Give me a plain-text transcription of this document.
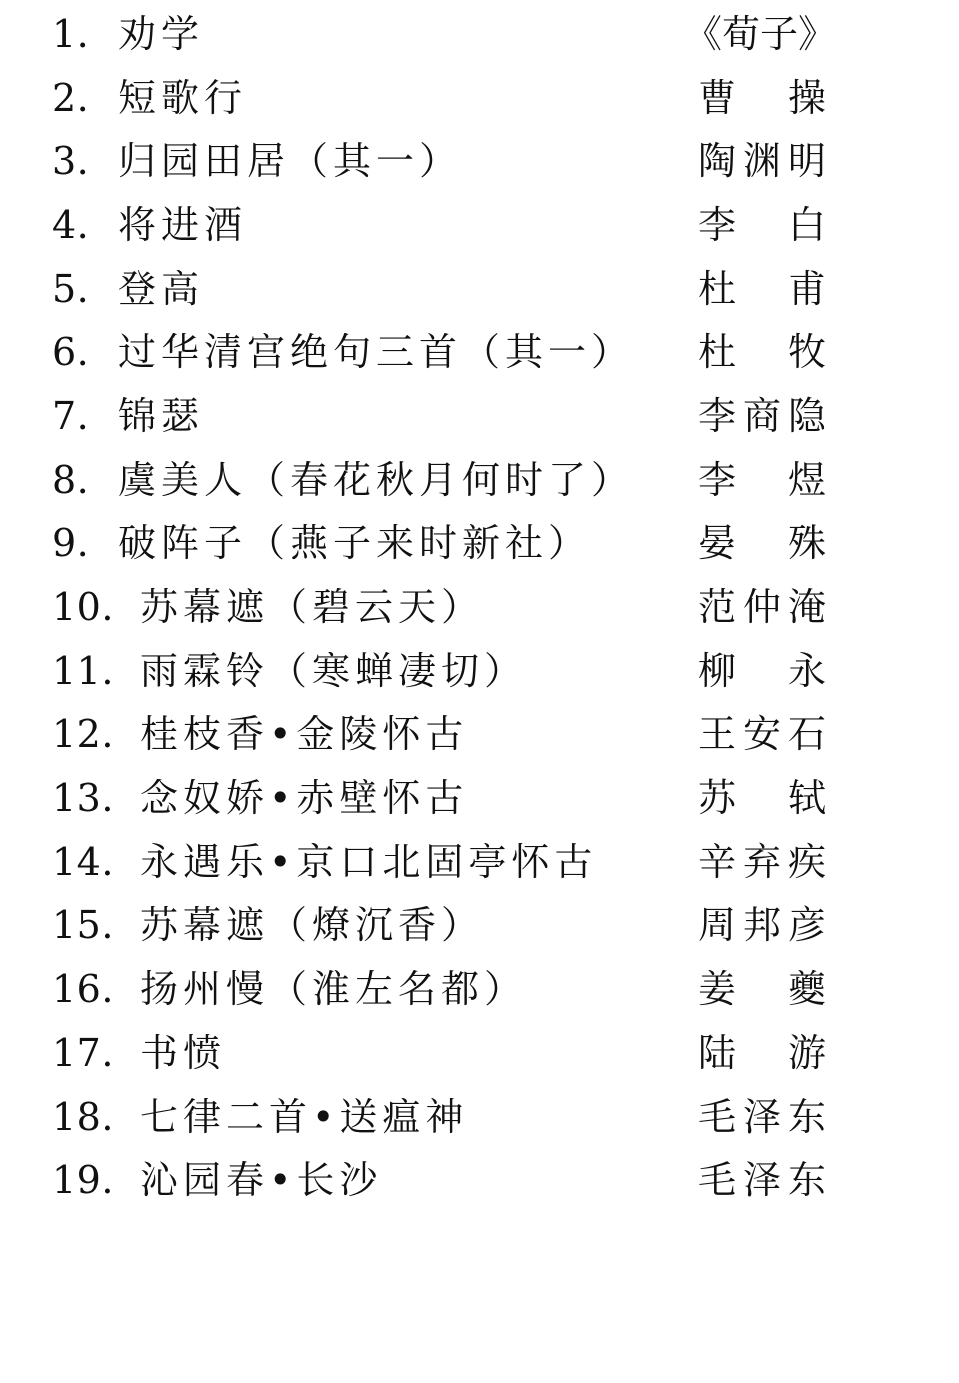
1. 劝学	《荀子》
2. 短歌行	曹 操
3. 归园田居（其一）	陶 渊 明
4. 将进酒	李 白
5. 登高	杜 甫
6. 过华清宫绝句三首（其一）	杜 牧
7. 锦瑟	李 商 隐
8. 虞美人（春花秋月何时了）	李 煜
9. 破阵子（燕子来时新社）	晏 殊
10. 苏幕遮（碧云天）	范 仲 淹
11. 雨霖铃（寒蝉凄切）	柳 永
12. 桂枝香•金陵怀古	王 安 石
13. 念奴娇•赤壁怀古	苏 轼
14. 永遇乐•京口北固亭怀古	辛 弃 疾
15. 苏幕遮（燎沉香）	周 邦 彦
16. 扬州慢（淮左名都）	姜 夔
17. 书愤	陆 游
18. 七律二首•送瘟神	毛 泽 东
19. 沁园春•长沙	毛 泽 东
